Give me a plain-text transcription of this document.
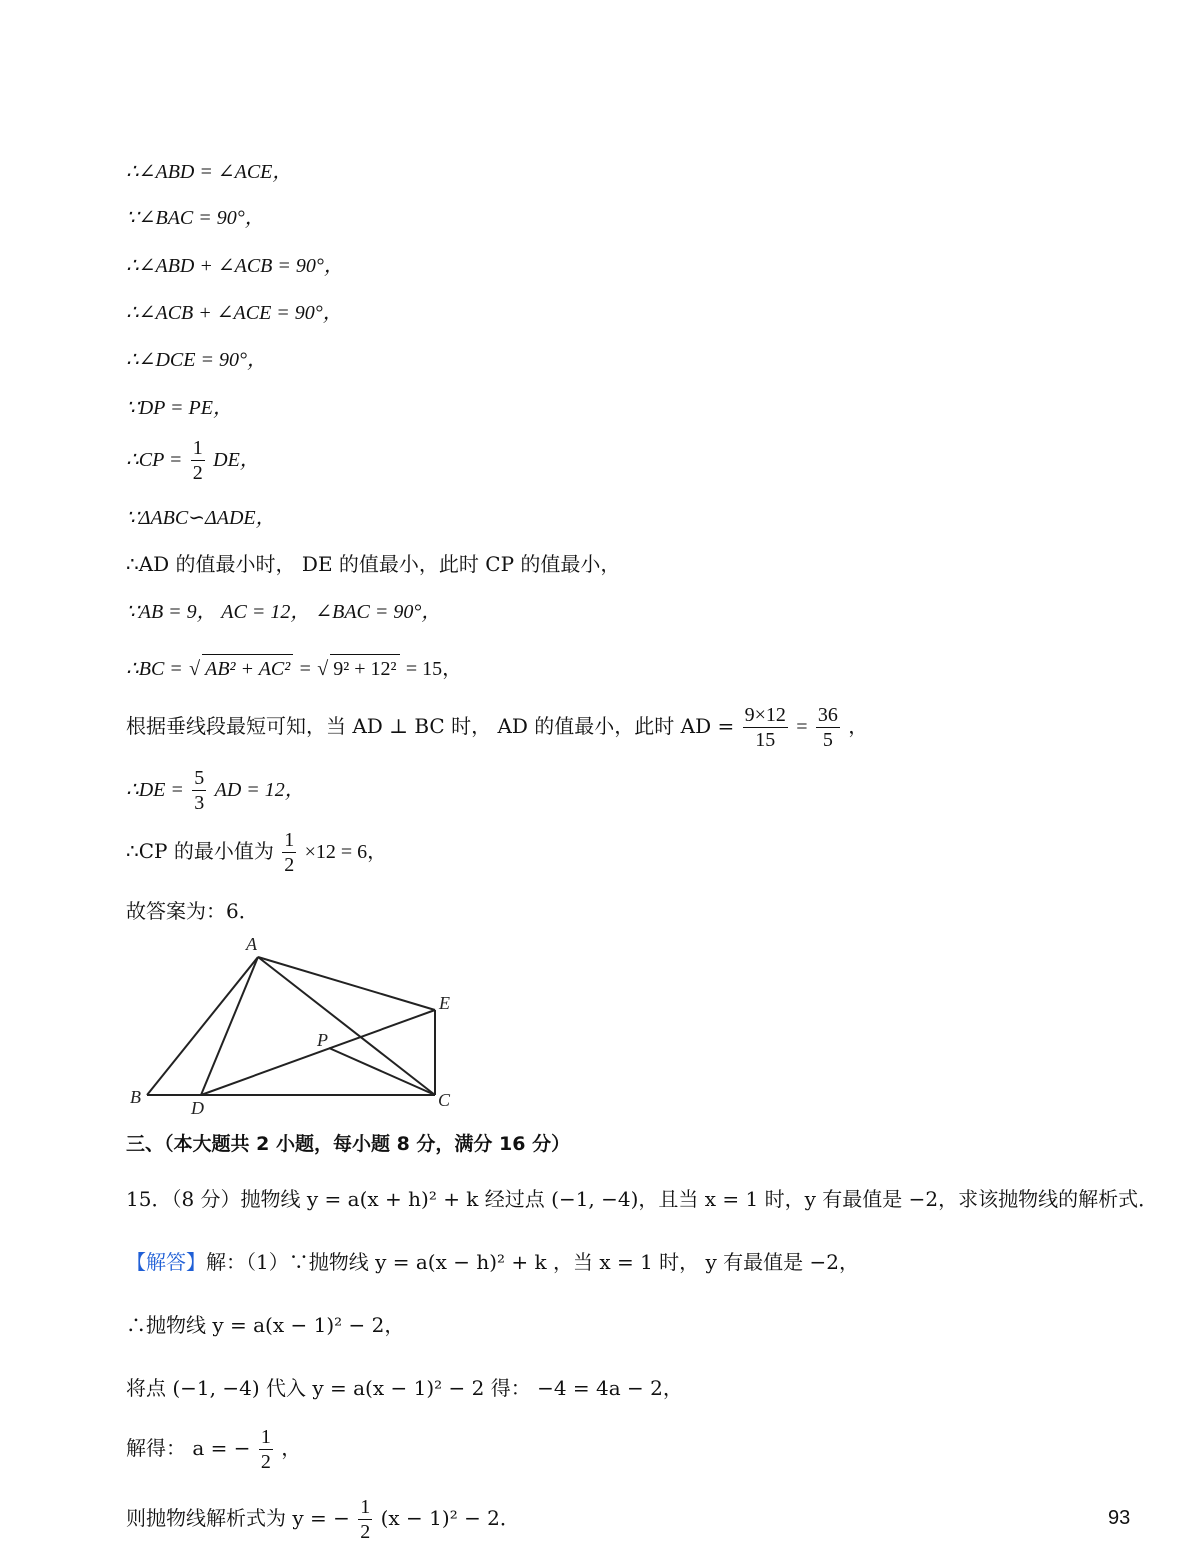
∴∠ABD = ∠ACE，
∵∠BAC = 90°，
∴∠ABD + ∠ACB = 90°，
∴∠ACB + ∠ACE = 90°，
∴∠DCE = 90°，
∵DP = PE，
∴CP = $\frac{1}{2}$ DE，
∵ΔABC∽ΔADE，
∴AD 的值最小时， DE 的值最小，此时 CP 的值最小，
∵AB = 9， AC = 12， ∠BAC = 90°，
∴BC = √ AB² + AC² = √ 9² + 12² = 15，
根据垂线段最短可知，当 AD ⊥ BC 时， AD 的值最小，此时 AD = $\frac{9\times 12}{15} = \frac{36}{5}$ ，
∴DE = $\frac{5}{3}$ AD = 12，
∴CP 的最小值为 $\frac{1}{2} \times 12 = 6$，
故答案为：6．
A
B	C
D
E
P
三、（本大题共 2 小题，每小题 8 分，满分 16 分）
15．（8 分）抛物线 y = a(x + h)² + k 经过点 (−1, −4)，且当 x = 1 时，y 有最值是 −2，求该抛物线的解析式．
【解答】解：（1）∵抛物线 y = a(x − h)² + k ，当 x = 1 时， y 有最值是 −2，
∴抛物线 y = a(x − 1)² − 2，
将点 (−1, −4) 代入 y = a(x − 1)² − 2 得： −4 = 4a − 2，
解得： a = − $\frac{1}{2}$ ，
则抛物线解析式为 y = − $\frac{1}{2} (x - 1)^2 - 2$．	93
